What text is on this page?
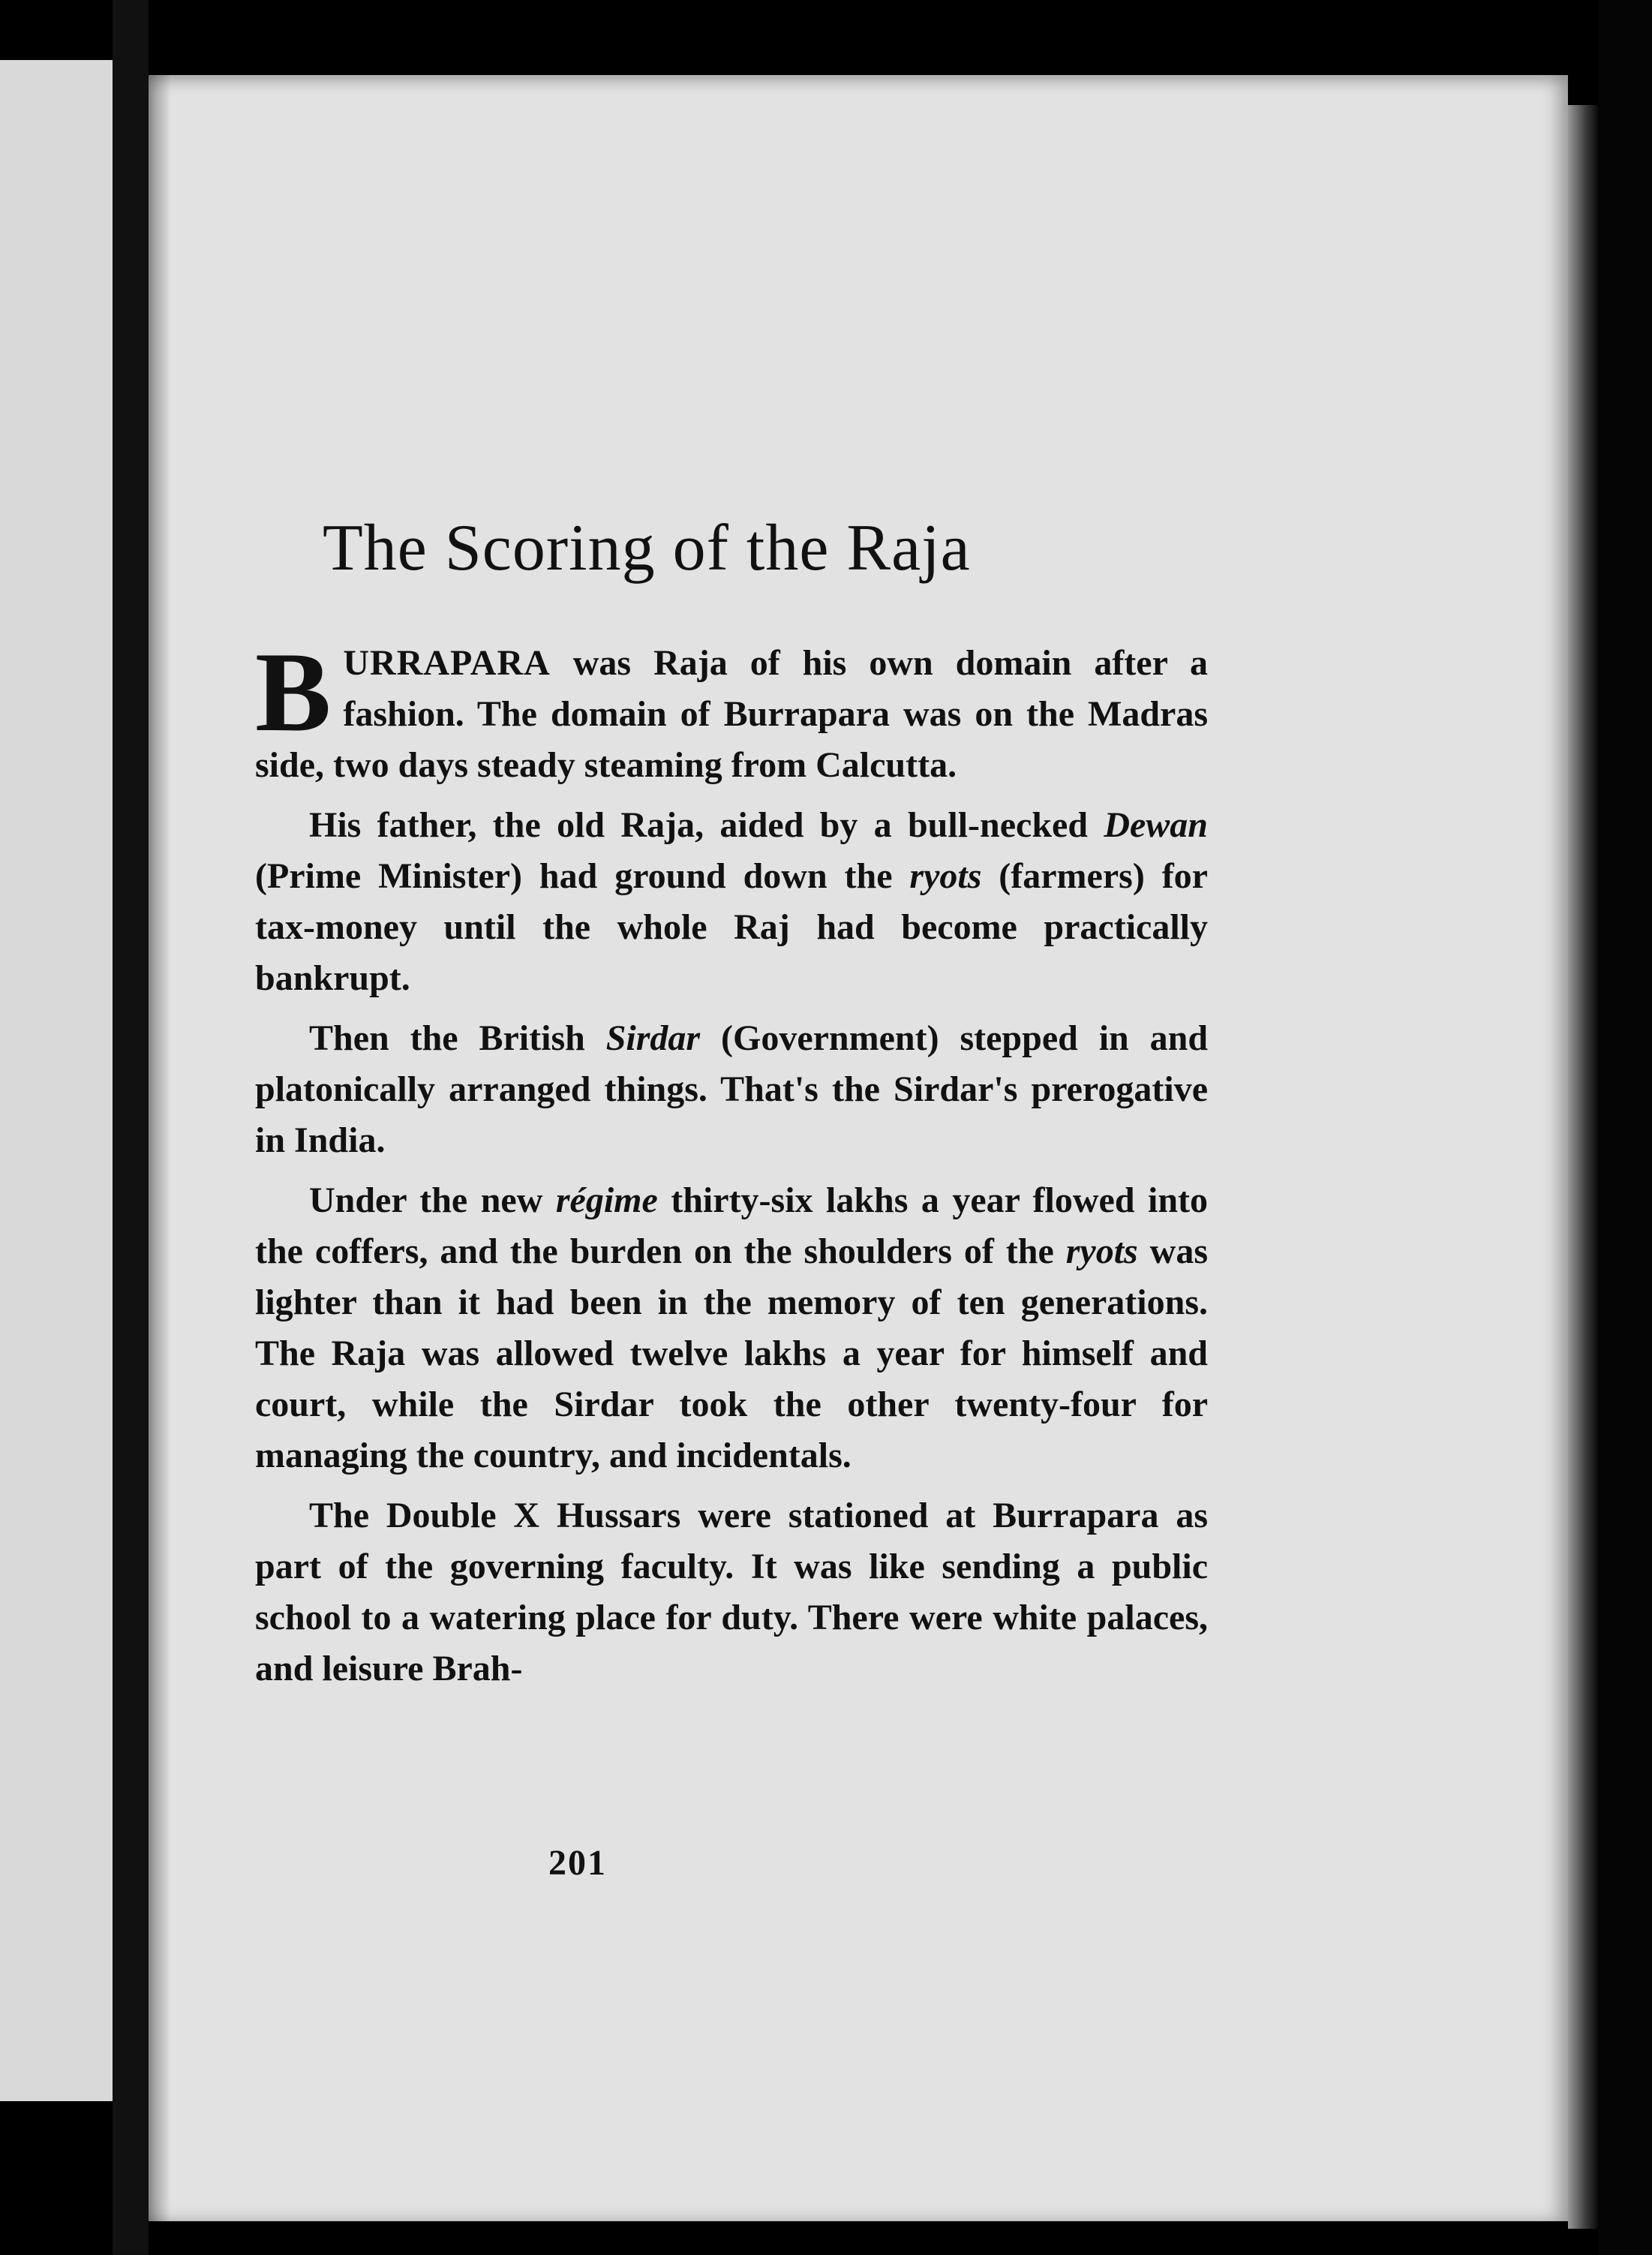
The Scoring of the Raja

BURRAPARA was Raja of his own domain after a fashion. The domain of Burrapara was on the Madras side, two days steady steaming from Calcutta.

His father, the old Raja, aided by a bull-necked Dewan (Prime Minister) had ground down the ryots (farmers) for tax-money until the whole Raj had become practically bankrupt.

Then the British Sirdar (Government) stepped in and platonically arranged things. That's the Sirdar's prerogative in India.

Under the new régime thirty-six lakhs a year flowed into the coffers, and the burden on the shoulders of the ryots was lighter than it had been in the memory of ten generations. The Raja was allowed twelve lakhs a year for himself and court, while the Sirdar took the other twenty-four for managing the country, and incidentals.

The Double X Hussars were stationed at Burrapara as part of the governing faculty. It was like sending a public school to a watering place for duty. There were white palaces, and leisure Brah-

201
